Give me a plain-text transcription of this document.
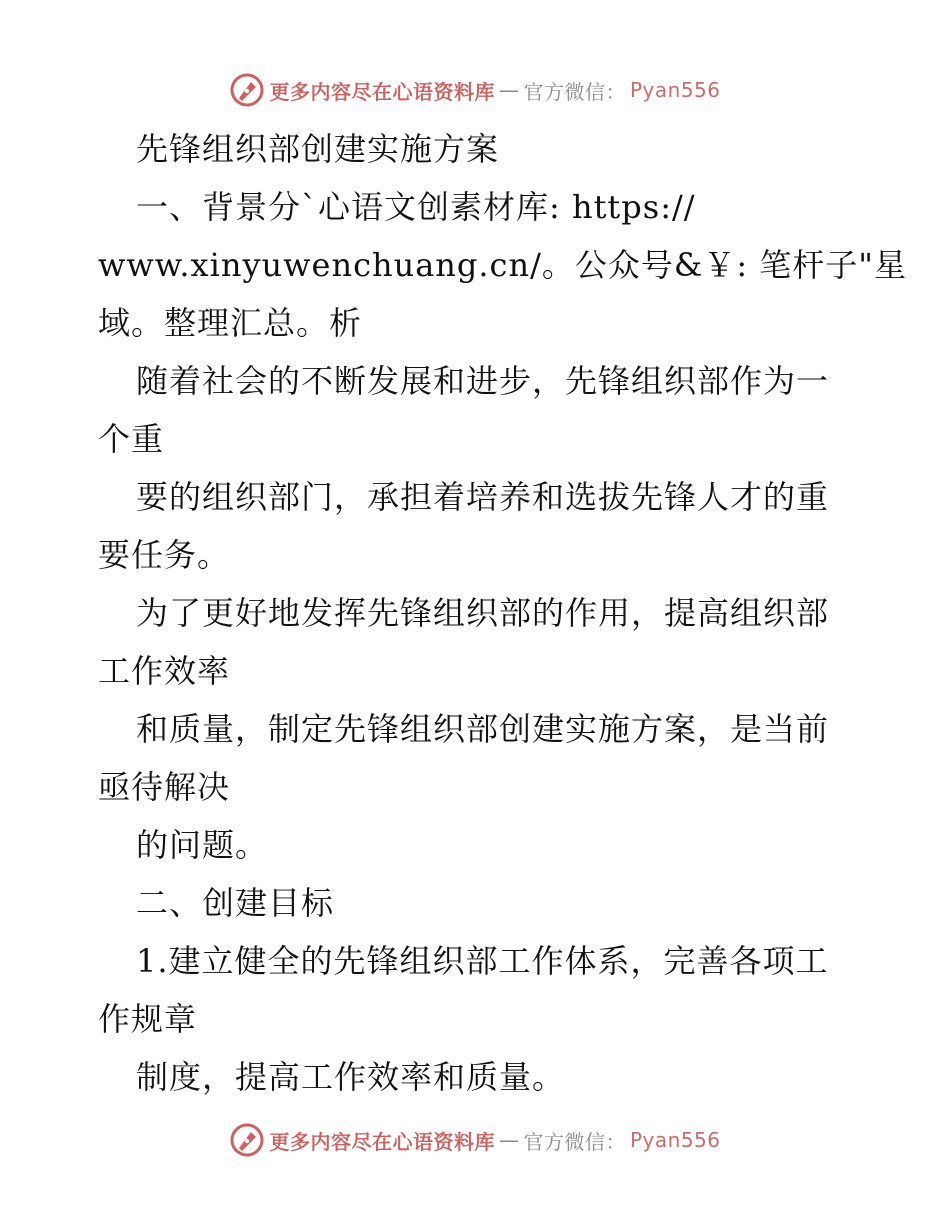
更多内容尽在心语资料库 — 官方微信： Pyan556
先锋组织部创建实施方案
一、背景分`心语文创素材库: https://
www.xinyuwenchuang.cn/。公众号&￥: 笔杆子"星
域。整理汇总。析
随着社会的不断发展和进步，先锋组织部作为一
个重
要的组织部门，承担着培养和选拔先锋人才的重
要任务。
为了更好地发挥先锋组织部的作用，提高组织部
工作效率
和质量，制定先锋组织部创建实施方案，是当前
亟待解决
的问题。
二、创建目标
1.建立健全的先锋组织部工作体系，完善各项工
作规章
制度，提高工作效率和质量。
更多内容尽在心语资料库 — 官方微信： Pyan556
